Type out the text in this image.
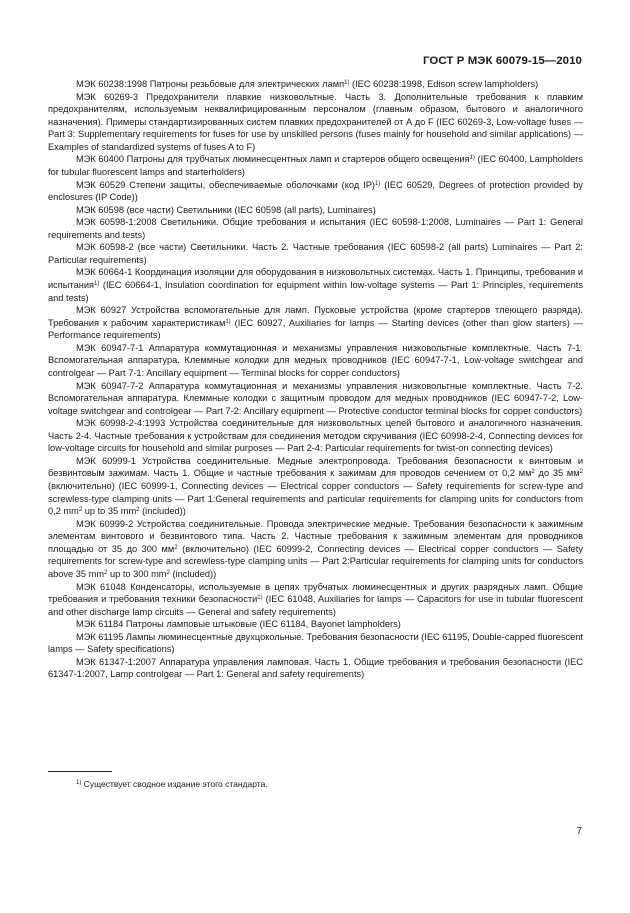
ГОСТ Р МЭК 60079-15—2010

МЭК 60238:1998 Патроны резьбовые для электрических ламп$^{1)}$ (IEC 60238:1998, Edison screw lampholders)

МЭК 60269-3 Предохранители плавкие низковольтные. Часть 3. Дополнительные требования к плавким предохранителям, используемым неквалифицированным персоналом (главным образом, бытового и аналогичного назначения). Примеры стандартизированных систем плавких предохранителей от А до F (IEC 60269-3, Low-voltage fuses — Part 3: Supplementary requirements for fuses for use by unskilled persons (fuses mainly for household and similar applications) — Examples of standardized systems of fuses A to F)

МЭК 60400 Патроны для трубчатых люминесцентных ламп и стартеров общего освещения$^{1)}$ (IEC 60400, Lampholders for tubular fluorescent lamps and starterholders)

МЭК 60529 Степени защиты, обеспечиваемые оболочками (код IP)$^{1)}$ (IEC 60529, Degrees of protection provided by enclosures (IP Code))

МЭК 60598 (все части) Светильники (IEC 60598 (all parts), Luminaires)

МЭК 60598-1:2008 Светильники. Общие требования и испытания (IEC 60598-1:2008, Luminaires — Part 1: General requirements and tests)

МЭК 60598-2 (все части) Светильники. Часть 2. Частные требования (IEC 60598-2 (all parts) Luminaires — Part 2: Particular requirements)

МЭК 60664-1 Координация изоляции для оборудования в низковольтных системах. Часть 1. Принципы, требования и испытания$^{1)}$ (IEC 60664-1, Insulation coordination for equipment within low-voltage systems — Part 1: Principles, requirements and tests)

МЭК 60927 Устройства вспомогательные для ламп. Пусковые устройства (кроме стартеров тлеющего разряда). Требования к рабочим характеристикам$^{1)}$ (IEC 60927, Auxiliaries for lamps — Starting devices (other than glow starters) — Performance requirements)

МЭК 60947-7-1 Аппаратура коммутационная и механизмы управления низковольтные комплектные. Часть 7-1. Вспомогательная аппаратура. Клеммные колодки для медных проводников (IEC 60947-7-1, Low-voltage switchgear and controlgear — Part 7-1: Ancillary equipment — Terminal blocks for copper conductors)

МЭК 60947-7-2 Аппаратура коммутационная и механизмы управления низковольтные комплектные. Часть 7-2. Вспомогательная аппаратура. Клеммные колодки с защитным проводом для медных проводников (IEC 60947-7-2, Low-voltage switchgear and controlgear — Part 7-2: Ancillary equipment — Protective conductor terminal blocks for copper conductors)

МЭК 60998-2-4:1993 Устройства соединительные для низковольтных цепей бытового и аналогичного назначения. Часть 2-4. Частные требования к устройствам для соединения методом скручивания (IEC 60998-2-4, Connecting devices for low-voltage circuits for household and similar purposes — Part 2-4: Particular requirements for twist-on connecting devices)

МЭК 60999-1 Устройства соединительные. Медные электропровода. Требования безопасности к винтовым и безвинтовым зажимам. Часть 1. Общие и частные требования к зажимам для проводов сечением от 0,2 $мм^2$ до 35 $мм^2$ (включительно) (IEC 60999-1, Connecting devices — Electrical copper conductors — Safety requirements for screw-type and screwless-type clamping units — Part 1:General requirements and particular requirements for clamping units for conductors from 0,2 $mm^2$ up to 35 $mm^2$ (included))

МЭК 60999-2 Устройства соединительные. Провода электрические медные. Требования безопасности к зажимным элементам винтового и безвинтового типа. Часть 2. Частные требования к зажимным элементам для проводников площадью от 35 до 300 $мм^2$ (включительно) (IEC 60999-2, Connecting devices — Electrical copper conductors — Safety requirements for screw-type and screwless-type clamping units — Part 2:Particular requirements for clamping units for conductors above 35 $mm^2$ up to 300 $mm^2$ (included))

МЭК 61048 Конденсаторы, используемые в цепях трубчатых люминесцентных и других разрядных ламп. Общие требования и требования техники безопасности$^{1)}$ (IEC 61048, Auxiliaries for lamps — Capacitors for use in tubular fluorescent and other discharge lamp circuits — General and safety requirements)

МЭК 61184 Патроны ламповые штыковые (IEC 61184, Bayonet lampholders)

МЭК 61195 Лампы люминесцентные двухцокольные. Требования безопасности (IEC 61195, Double-capped fluorescent lamps — Safety specifications)

МЭК 61347-1:2007 Аппаратура управления ламповая. Часть 1. Общие требования и требования безопасности (IEC 61347-1:2007, Lamp controlgear — Part 1: General and safety requirements)

$^{1)}$ Существует сводное издание этого стандарта.
7
